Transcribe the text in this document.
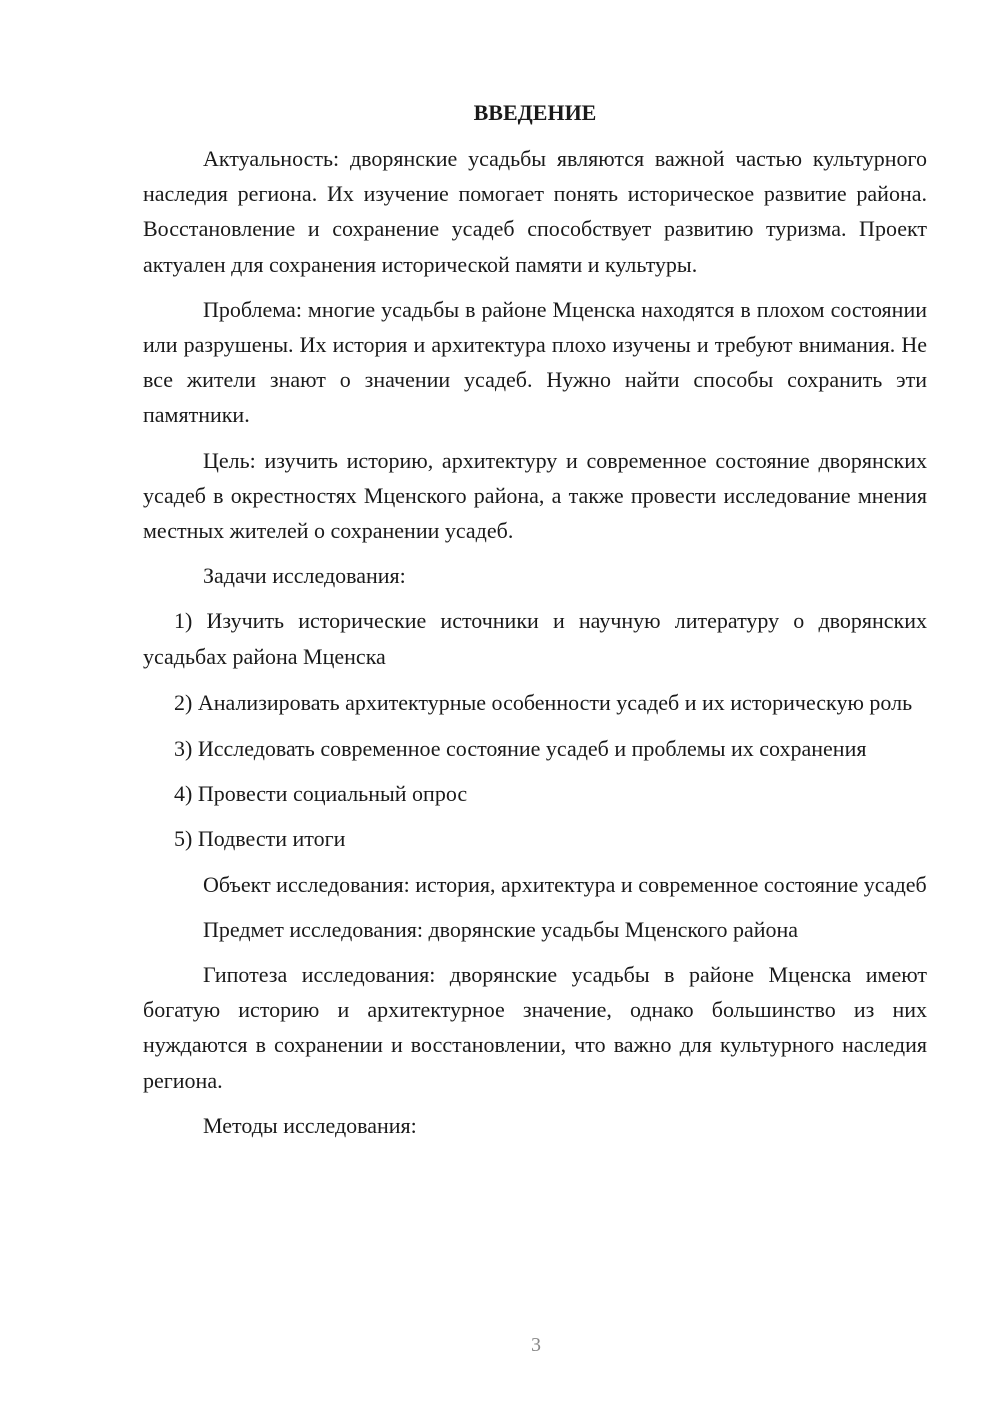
ВВЕДЕНИЕ

Актуальность: дворянские усадьбы являются важной частью культурного наследия региона. Их изучение помогает понять историческое развитие района. Восстановление и сохранение усадеб способствует развитию туризма. Проект актуален для сохранения исторической памяти и культуры.

Проблема: многие усадьбы в районе Мценска находятся в плохом состоянии или разрушены. Их история и архитектура плохо изучены и требуют внимания. Не все жители знают о значении усадеб. Нужно найти способы сохранить эти памятники.

Цель: изучить историю, архитектуру и современное состояние дворянских усадеб в окрестностях Мценского района, а также провести исследование мнения местных жителей о сохранении усадеб.

Задачи исследования:

1) Изучить исторические источники и научную литературу о дворянских усадьбах района Мценска

2) Анализировать архитектурные особенности усадеб и их историческую роль

3) Исследовать современное состояние усадеб и проблемы их сохранения

4) Провести социальный опрос

5) Подвести итоги

Объект исследования: история, архитектура и современное состояние усадеб

Предмет исследования: дворянские усадьбы Мценского района

Гипотеза исследования: дворянские усадьбы в районе Мценска имеют богатую историю и архитектурное значение, однако большинство из них нуждаются в сохранении и восстановлении, что важно для культурного наследия региона.

Методы исследования:

3
